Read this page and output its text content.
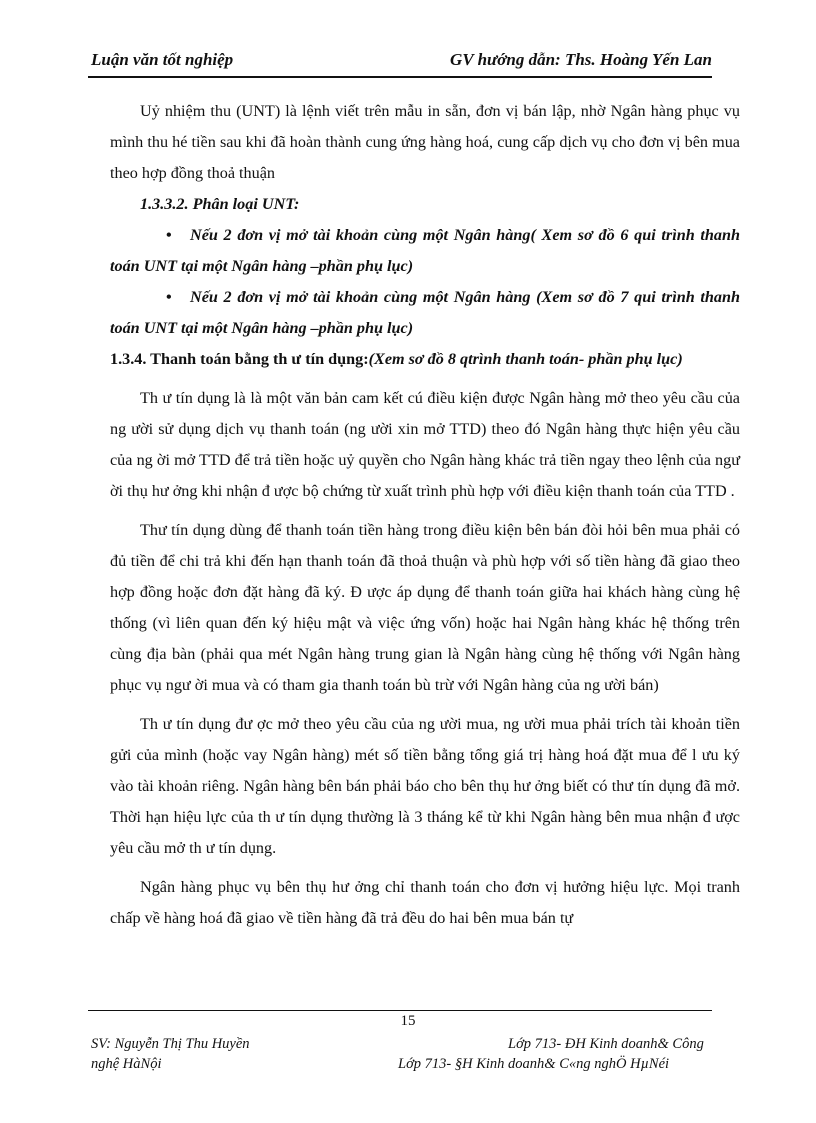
Luận văn tốt nghiệp	GV hướng dẫn: Ths. Hoàng Yến Lan

Uỷ nhiệm thu (UNT) là lệnh viết trên mẫu in sẵn, đơn vị bán lập, nhờ Ngân hàng phục vụ mình thu hé tiền sau khi đã hoàn thành cung ứng hàng hoá, cung cấp dịch vụ cho đơn vị bên mua theo hợp đồng thoả thuận

1.3.3.2. Phân loại UNT:

• Nếu 2 đơn vị mở tài khoản cùng một Ngân hàng( Xem sơ đồ 6 qui trình thanh toán UNT tại một Ngân hàng –phần phụ lục)
• Nếu 2 đơn vị mở tài khoản cùng một Ngân hàng (Xem sơ đồ 7 qui trình thanh toán UNT tại một Ngân hàng –phần phụ lục)

1.3.4. Thanh toán bằng th ư tín dụng:(Xem sơ đồ 8 qtrình thanh toán- phần phụ lục)

Th ư tín dụng là là một văn bản cam kết cú điều kiện được Ngân hàng mở theo yêu cầu của ng ười sử dụng dịch vụ thanh toán (ng ười xin mở TTD) theo đó Ngân hàng thực hiện yêu cầu của ng ời mở TTD để trả tiền hoặc uỷ quyền cho Ngân hàng khác trả tiền ngay theo lệnh của ngư ời thụ hư ởng khi nhận đ ược bộ chứng từ xuất trình phù hợp với điều kiện thanh toán của TTD .

Thư tín dụng dùng để thanh toán tiền hàng trong điều kiện bên bán đòi hỏi bên mua phải có đủ tiền để chi trả khi đến hạn thanh toán đã thoả thuận và phù hợp với số tiền hàng đã giao theo hợp đồng hoặc đơn đặt hàng đã ký. Đ ược áp dụng để thanh toán giữa hai khách hàng cùng hệ thống (vì liên quan đến ký hiệu mật và việc ứng vốn) hoặc hai Ngân hàng khác hệ thống trên cùng địa bàn (phải qua mét Ngân hàng trung gian là Ngân hàng cùng hệ thống với Ngân hàng phục vụ ngư ời mua và có tham gia thanh toán bù trừ với Ngân hàng của ng ười bán)

Th ư tín dụng đư ợc mở theo yêu cầu của ng ười mua, ng ười mua phải trích tài khoản tiền gửi của mình (hoặc vay Ngân hàng) mét số tiền bằng tổng giá trị hàng hoá đặt mua để l ưu ký vào tài khoản riêng. Ngân hàng bên bán phải báo cho bên thụ hư ởng biết có thư tín dụng đã mở. Thời hạn hiệu lực của th ư tín dụng thường là 3 tháng kể từ khi Ngân hàng bên mua nhận đ ược yêu cầu mở th ư tín dụng.

Ngân hàng phục vụ bên thụ hư ởng chỉ thanh toán cho đơn vị hưởng hiệu lực. Mọi tranh chấp về hàng hoá đã giao về tiền hàng đã trả đều do hai bên mua bán tự

15
SV: Nguyễn Thị Thu Huyền
nghệ HàNội
Lớp 713- ĐH Kinh doanh& Công
Lớp 713- §H Kinh doanh& C«ng nghÖ HµNéi
